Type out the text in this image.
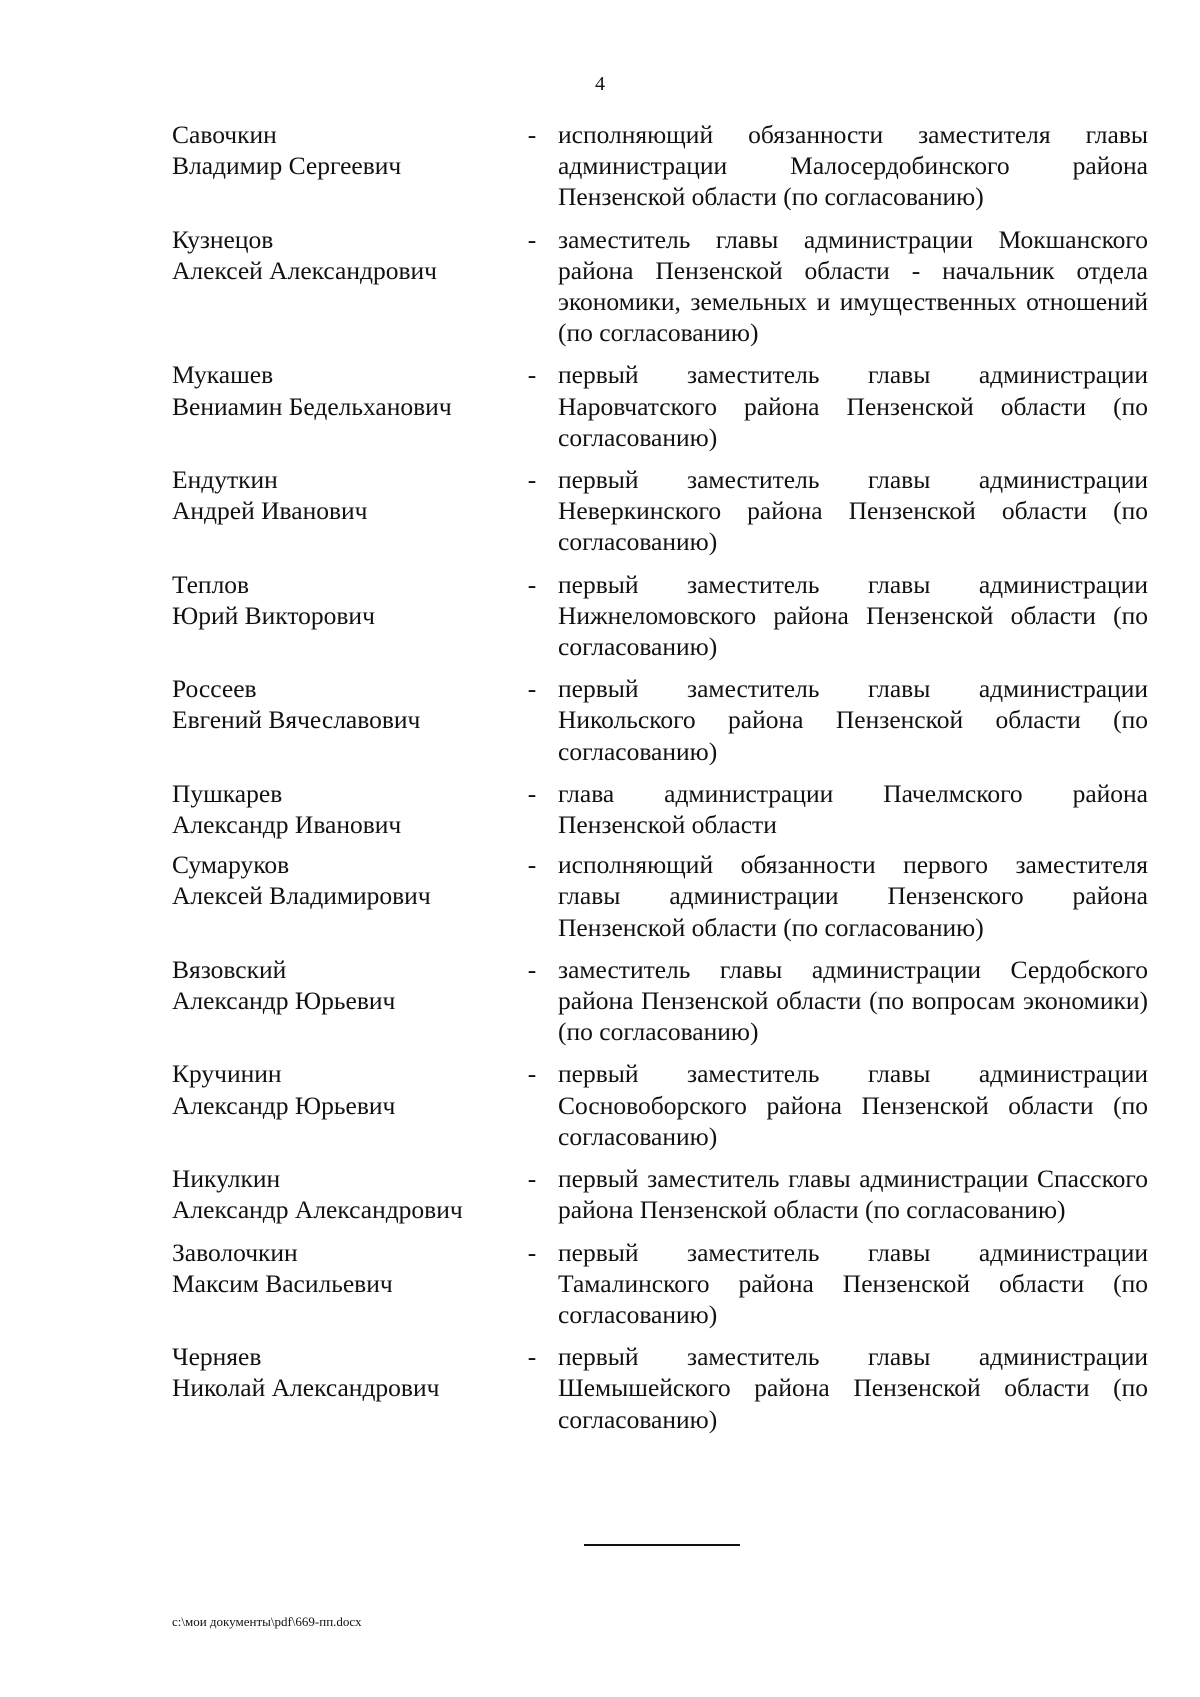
4
Савочкин
Владимир Сергеевич
- исполняющий обязанности заместителя главы администрации Малосердобинского района Пензенской области (по согласованию)
Кузнецов
Алексей Александрович
- заместитель главы администрации Мокшанского района Пензенской области - начальник отдела экономики, земельных и имущественных отношений (по согласованию)
Мукашев
Вениамин Бедельханович
- первый заместитель главы администрации Наровчатского района Пензенской области (по согласованию)
Ендуткин
Андрей Иванович
- первый заместитель главы администрации Неверкинского района Пензенской области (по согласованию)
Теплов
Юрий Викторович
- первый заместитель главы администрации Нижнеломовского района Пензенской области (по согласованию)
Россеев
Евгений Вячеславович
- первый заместитель главы администрации Никольского района Пензенской области (по согласованию)
Пушкарев
Александр Иванович
- глава администрации Пачелмского района Пензенской области
Сумаруков
Алексей Владимирович
- исполняющий обязанности первого заместителя главы администрации Пензенского района Пензенской области (по согласованию)
Вязовский
Александр Юрьевич
- заместитель главы администрации Сердобского района Пензенской области (по вопросам экономики) (по согласованию)
Кручинин
Александр Юрьевич
- первый заместитель главы администрации Сосновоборского района Пензенской области (по согласованию)
Никулкин
Александр Александрович
- первый заместитель главы администрации Спасского района Пензенской области (по согласованию)
Заволочкин
Максим Васильевич
- первый заместитель главы администрации Тамалинского района Пензенской области (по согласованию)
Черняев
Николай Александрович
- первый заместитель главы администрации Шемышейского района Пензенской области (по согласованию)
c:\мои документы\pdf\669-пп.docx
